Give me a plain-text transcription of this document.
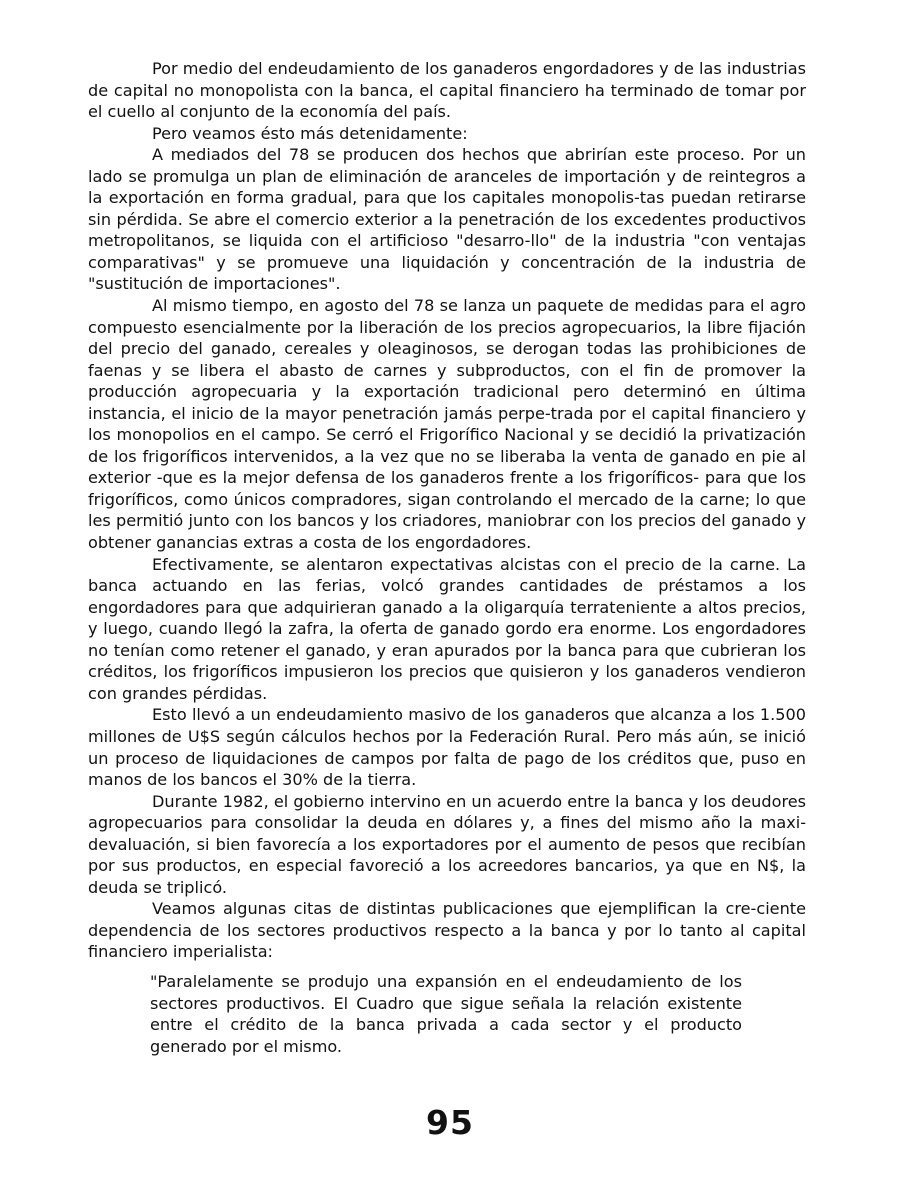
Por medio del endeudamiento de los ganaderos engordadores y de las industrias de capital no monopolista con la banca, el capital financiero ha terminado de tomar por el cuello al conjunto de la economía del país.

Pero veamos ésto más detenidamente:

A mediados del 78 se producen dos hechos que abrirían este proceso. Por un lado se promulga un plan de eliminación de aranceles de importación y de reintegros a la exportación en forma gradual, para que los capitales monopolis-tas puedan retirarse sin pérdida. Se abre el comercio exterior a la penetración de los excedentes productivos metropolitanos, se liquida con el artificioso "desarro-llo" de la industria "con ventajas comparativas" y se promueve una liquidación y concentración de la industria de "sustitución de importaciones".

Al mismo tiempo, en agosto del 78 se lanza un paquete de medidas para el agro compuesto esencialmente por la liberación de los precios agropecuarios, la libre fijación del precio del ganado, cereales y oleaginosos, se derogan todas las prohibiciones de faenas y se libera el abasto de carnes y subproductos, con el fin de promover la producción agropecuaria y la exportación tradicional pero determinó en última instancia, el inicio de la mayor penetración jamás perpe-trada por el capital financiero y los monopolios en el campo. Se cerró el Frigorífico Nacional y se decidió la privatización de los frigoríficos intervenidos, a la vez que no se liberaba la venta de ganado en pie al exterior -que es la mejor defensa de los ganaderos frente a los frigoríficos- para que los frigoríficos, como únicos compradores, sigan controlando el mercado de la carne; lo que les permitió junto con los bancos y los criadores, maniobrar con los precios del ganado y obtener ganancias extras a costa de los engordadores.

Efectivamente, se alentaron expectativas alcistas con el precio de la carne. La banca actuando en las ferias, volcó grandes cantidades de préstamos a los engordadores para que adquirieran ganado a la oligarquía terrateniente a altos precios, y luego, cuando llegó la zafra, la oferta de ganado gordo era enorme. Los engordadores no tenían como retener el ganado, y eran apurados por la banca para que cubrieran los créditos, los frigoríficos impusieron los precios que quisieron y los ganaderos vendieron con grandes pérdidas.

Esto llevó a un endeudamiento masivo de los ganaderos que alcanza a los 1.500 millones de U$S según cálculos hechos por la Federación Rural. Pero más aún, se inició un proceso de liquidaciones de campos por falta de pago de los créditos que, puso en manos de los bancos el 30% de la tierra.

Durante 1982, el gobierno intervino en un acuerdo entre la banca y los deudores agropecuarios para consolidar la deuda en dólares y, a fines del mismo año la maxi-devaluación, si bien favorecía a los exportadores por el aumento de pesos que recibían por sus productos, en especial favoreció a los acreedores bancarios, ya que en N$, la deuda se triplicó.

Veamos algunas citas de distintas publicaciones que ejemplifican la cre-ciente dependencia de los sectores productivos respecto a la banca y por lo tanto al capital financiero imperialista:

"Paralelamente se produjo una expansión en el endeudamiento de los sectores productivos. El Cuadro que sigue señala la relación existente entre el crédito de la banca privada a cada sector y el producto generado por el mismo.

95
